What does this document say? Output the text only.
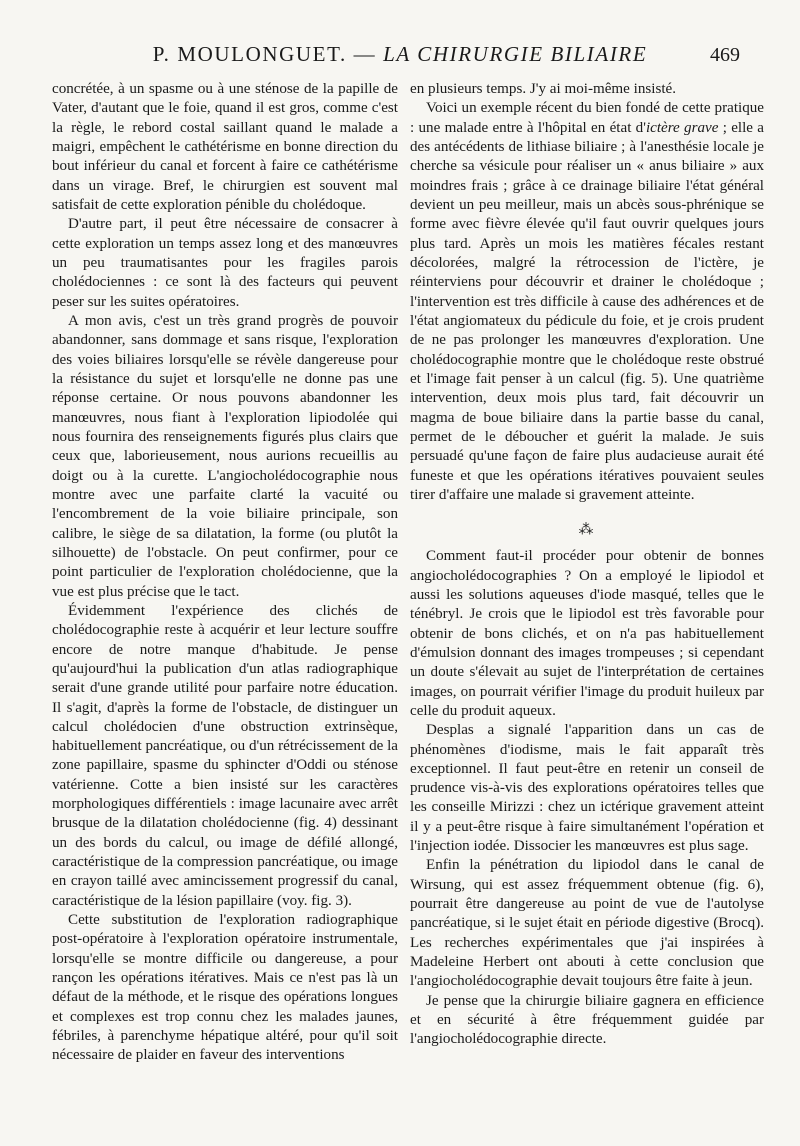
P. MOULONGUET. — LA CHIRURGIE BILIAIRE	469

concrétée, à un spasme ou à une sténose de la papille de Vater, d'autant que le foie, quand il est gros, comme c'est la règle, le rebord costal saillant quand le malade a maigri, empêchent le cathétérisme en bonne direction du bout inférieur du canal et forcent à faire ce cathétérisme dans un virage. Bref, le chirurgien est souvent mal satisfait de cette exploration pénible du cholédoque.

D'autre part, il peut être nécessaire de consacrer à cette exploration un temps assez long et des manœuvres un peu traumatisantes pour les fragiles parois cholédociennes : ce sont là des facteurs qui peuvent peser sur les suites opératoires.

A mon avis, c'est un très grand progrès de pouvoir abandonner, sans dommage et sans risque, l'exploration des voies biliaires lorsqu'elle se révèle dangereuse pour la résistance du sujet et lorsqu'elle ne donne pas une réponse certaine. Or nous pouvons abandonner les manœuvres, nous fiant à l'exploration lipiodolée qui nous fournira des renseignements figurés plus clairs que ceux que, laborieusement, nous aurions recueillis au doigt ou à la curette. L'angiocholédocographie nous montre avec une parfaite clarté la vacuité ou l'encombrement de la voie biliaire principale, son calibre, le siège de sa dilatation, la forme (ou plutôt la silhouette) de l'obstacle. On peut confirmer, pour ce point particulier de l'exploration cholédocienne, que la vue est plus précise que le tact.

Évidemment l'expérience des clichés de cholédocographie reste à acquérir et leur lecture souffre encore de notre manque d'habitude. Je pense qu'aujourd'hui la publication d'un atlas radiographique serait d'une grande utilité pour parfaire notre éducation. Il s'agit, d'après la forme de l'obstacle, de distinguer un calcul cholédocien d'une obstruction extrinsèque, habituellement pancréatique, ou d'un rétrécissement de la zone papillaire, spasme du sphincter d'Oddi ou sténose vatérienne. Cotte a bien insisté sur les caractères morphologiques différentiels : image lacunaire avec arrêt brusque de la dilatation cholédocienne (fig. 4) dessinant un des bords du calcul, ou image de défilé allongé, caractéristique de la compression pancréatique, ou image en crayon taillé avec amincissement progressif du canal, caractéristique de la lésion papillaire (voy. fig. 3).

Cette substitution de l'exploration radiographique post-opératoire à l'exploration opératoire instrumentale, lorsqu'elle se montre difficile ou dangereuse, a pour rançon les opérations itératives. Mais ce n'est pas là un défaut de la méthode, et le risque des opérations longues et complexes est trop connu chez les malades jaunes, fébriles, à parenchyme hépatique altéré, pour qu'il soit nécessaire de plaider en faveur des interventions

en plusieurs temps. J'y ai moi-même insisté.

Voici un exemple récent du bien fondé de cette pratique : une malade entre à l'hôpital en état d'ictère grave ; elle a des antécédents de lithiase biliaire ; à l'anesthésie locale je cherche sa vésicule pour réaliser un « anus biliaire » aux moindres frais ; grâce à ce drainage biliaire l'état général devient un peu meilleur, mais un abcès sous-phrénique se forme avec fièvre élevée qu'il faut ouvrir quelques jours plus tard. Après un mois les matières fécales restant décolorées, malgré la rétrocession de l'ictère, je réinterviens pour découvrir et drainer le cholédoque ; l'intervention est très difficile à cause des adhérences et de l'état angiomateux du pédicule du foie, et je crois prudent de ne pas prolonger les manœuvres d'exploration. Une cholédocographie montre que le cholédoque reste obstrué et l'image fait penser à un calcul (fig. 5). Une quatrième intervention, deux mois plus tard, fait découvrir un magma de boue biliaire dans la partie basse du canal, permet de le déboucher et guérit la malade. Je suis persuadé qu'une façon de faire plus audacieuse aurait été funeste et que les opérations itératives pouvaient seules tirer d'affaire une malade si gravement atteinte.

⁂

Comment faut-il procéder pour obtenir de bonnes angiocholédocographies ? On a employé le lipiodol et aussi les solutions aqueuses d'iode masqué, telles que le ténébryl. Je crois que le lipiodol est très favorable pour obtenir de bons clichés, et on n'a pas habituellement d'émulsion donnant des images trompeuses ; si cependant un doute s'élevait au sujet de l'interprétation de certaines images, on pourrait vérifier l'image du produit huileux par celle du produit aqueux.

Desplas a signalé l'apparition dans un cas de phénomènes d'iodisme, mais le fait apparaît très exceptionnel. Il faut peut-être en retenir un conseil de prudence vis-à-vis des explorations opératoires telles que les conseille Mirizzi : chez un ictérique gravement atteint il y a peut-être risque à faire simultanément l'opération et l'injection iodée. Dissocier les manœuvres est plus sage.

Enfin la pénétration du lipiodol dans le canal de Wirsung, qui est assez fréquemment obtenue (fig. 6), pourrait être dangereuse au point de vue de l'autolyse pancréatique, si le sujet était en période digestive (Brocq). Les recherches expérimentales que j'ai inspirées à Madeleine Herbert ont abouti à cette conclusion que l'angiocholédocographie devait toujours être faite à jeun.

Je pense que la chirurgie biliaire gagnera en efficience et en sécurité à être fréquemment guidée par l'angiocholédocographie directe.
